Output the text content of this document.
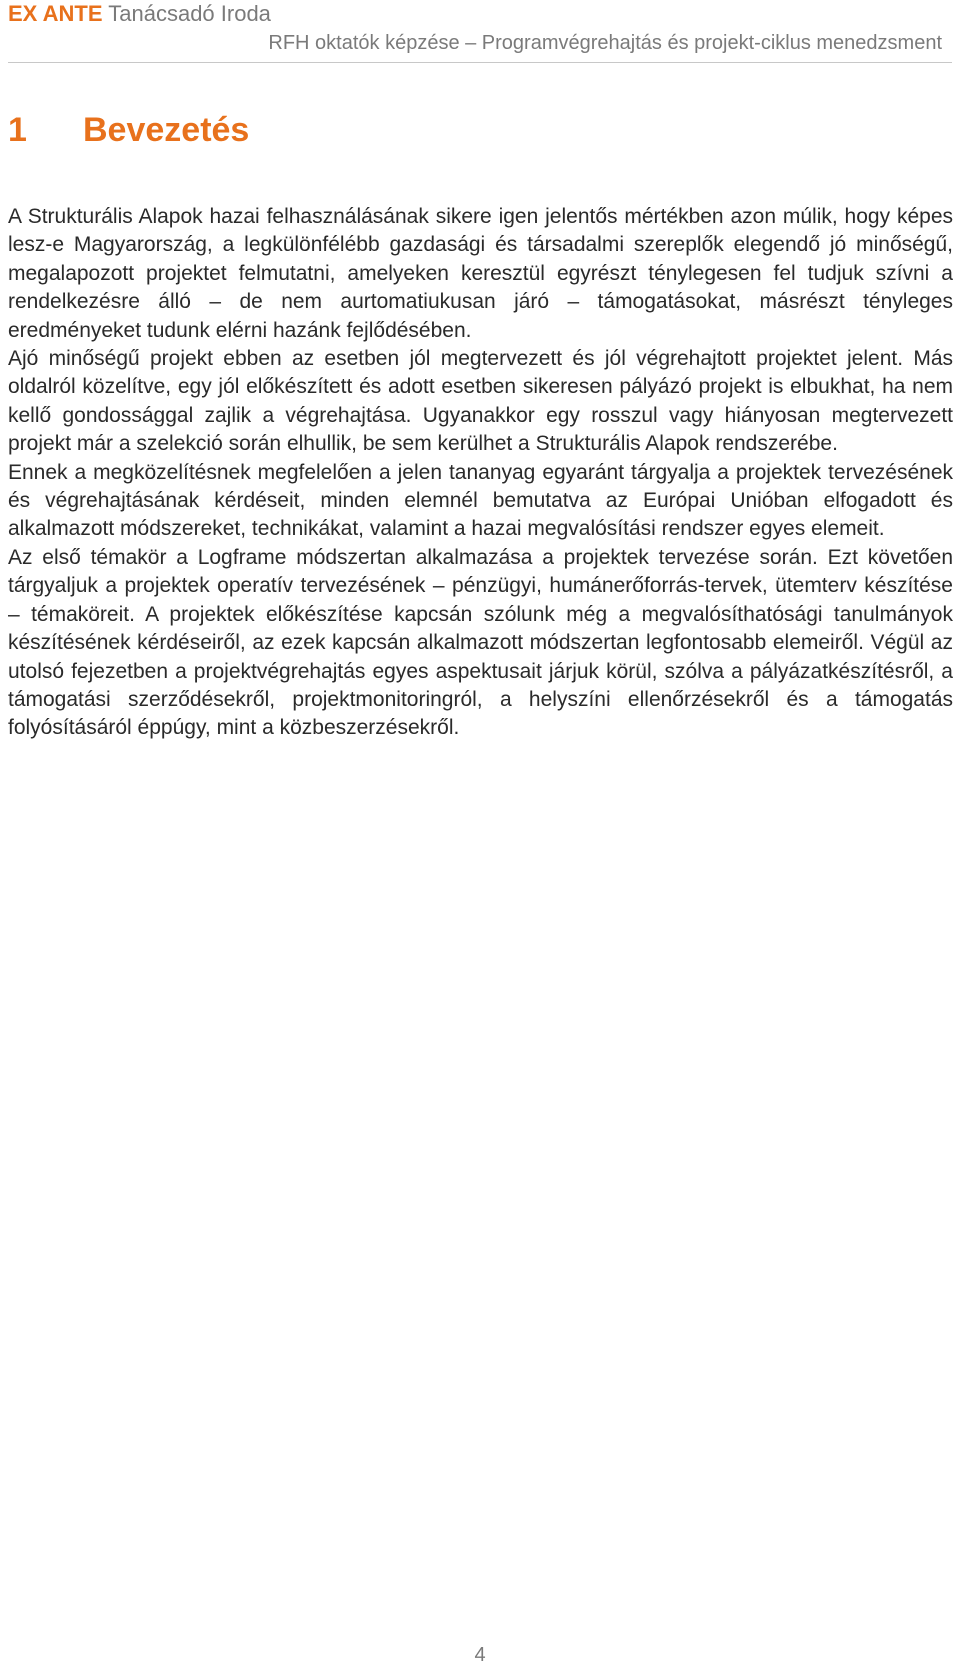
EX ANTE Tanácsadó Iroda
RFH oktatók képzése – Programvégrehajtás és projekt-ciklus menedzsment
1 Bevezetés

A Strukturális Alapok hazai felhasználásának sikere igen jelentős mértékben azon múlik, hogy képes lesz-e Magyarország, a legkülönfélébb gazdasági és társadalmi szereplők elegendő jó minőségű, megalapozott projektet felmutatni, amelyeken keresztül egyrészt ténylegesen fel tudjuk szívni a rendelkezésre álló – de nem aurtomatiukusan járó – támogatásokat, másrészt tényleges eredményeket tudunk elérni hazánk fejlődésében.

Ajó minőségű projekt ebben az esetben jól megtervezett és jól végrehajtott projektet jelent. Más oldalról közelítve, egy jól előkészített és adott esetben sikeresen pályázó projekt is elbukhat, ha nem kellő gondossággal zajlik a végrehajtása. Ugyanakkor egy rosszul vagy hiányosan megtervezett projekt már a szelekció során elhullik, be sem kerülhet a Strukturális Alapok rendszerébe.

Ennek a megközelítésnek megfelelően a jelen tananyag egyaránt tárgyalja a projektek tervezésének és végrehajtásának kérdéseit, minden elemnél bemutatva az Európai Unióban elfogadott és alkalmazott módszereket, technikákat, valamint a hazai megvalósítási rendszer egyes elemeit.

Az első témakör a Logframe módszertan alkalmazása a projektek tervezése során. Ezt követően tárgyaljuk a projektek operatív tervezésének – pénzügyi, humánerőforrás-tervek, ütemterv készítése – témaköreit. A projektek előkészítése kapcsán szólunk még a megvalósíthatósági tanulmányok készítésének kérdéseiről, az ezek kapcsán alkalmazott módszertan legfontosabb elemeiről. Végül az utolsó fejezetben a projektvégrehajtás egyes aspektusait járjuk körül, szólva a pályázatkészítésről, a támogatási szerződésekről, projektmonitoringról, a helyszíni ellenőrzésekről és a támogatás folyósításáról éppúgy, mint a közbeszerzésekről.

4
